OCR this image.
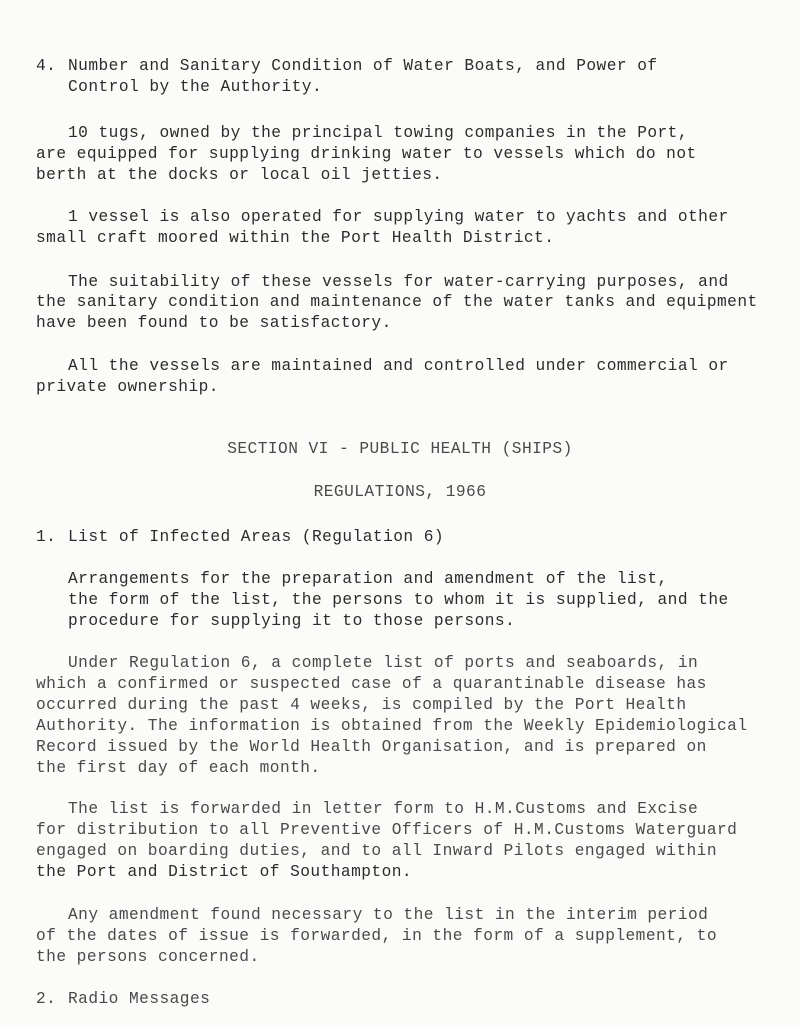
4. Number and Sanitary Condition of Water Boats, and Power of
Control by the Authority.
10 tugs, owned by the principal towing companies in the Port,
are equipped for supplying drinking water to vessels which do not
berth at the docks or local oil jetties.
1 vessel is also operated for supplying water to yachts and other
small craft moored within the Port Health District.
The suitability of these vessels for water-carrying purposes, and
the sanitary condition and maintenance of the water tanks and equipment
have been found to be satisfactory.
All the vessels are maintained and controlled under commercial or
private ownership.
SECTION VI - PUBLIC HEALTH (SHIPS)
REGULATIONS, 1966
1. List of Infected Areas (Regulation 6)
Arrangements for the preparation and amendment of the list,
the form of the list, the persons to whom it is supplied, and the
procedure for supplying it to those persons.
Under Regulation 6, a complete list of ports and seaboards, in
which a confirmed or suspected case of a quarantinable disease has
occurred during the past 4 weeks, is compiled by the Port Health
Authority. The information is obtained from the Weekly Epidemiological
Record issued by the World Health Organisation, and is prepared on
the first day of each month.
The list is forwarded in letter form to H.M.Customs and Excise
for distribution to all Preventive Officers of H.M.Customs Waterguard
engaged on boarding duties, and to all Inward Pilots engaged within
the Port and District of Southampton.
Any amendment found necessary to the list in the interim period
of the dates of issue is forwarded, in the form of a supplement, to
the persons concerned.
2. Radio Messages
